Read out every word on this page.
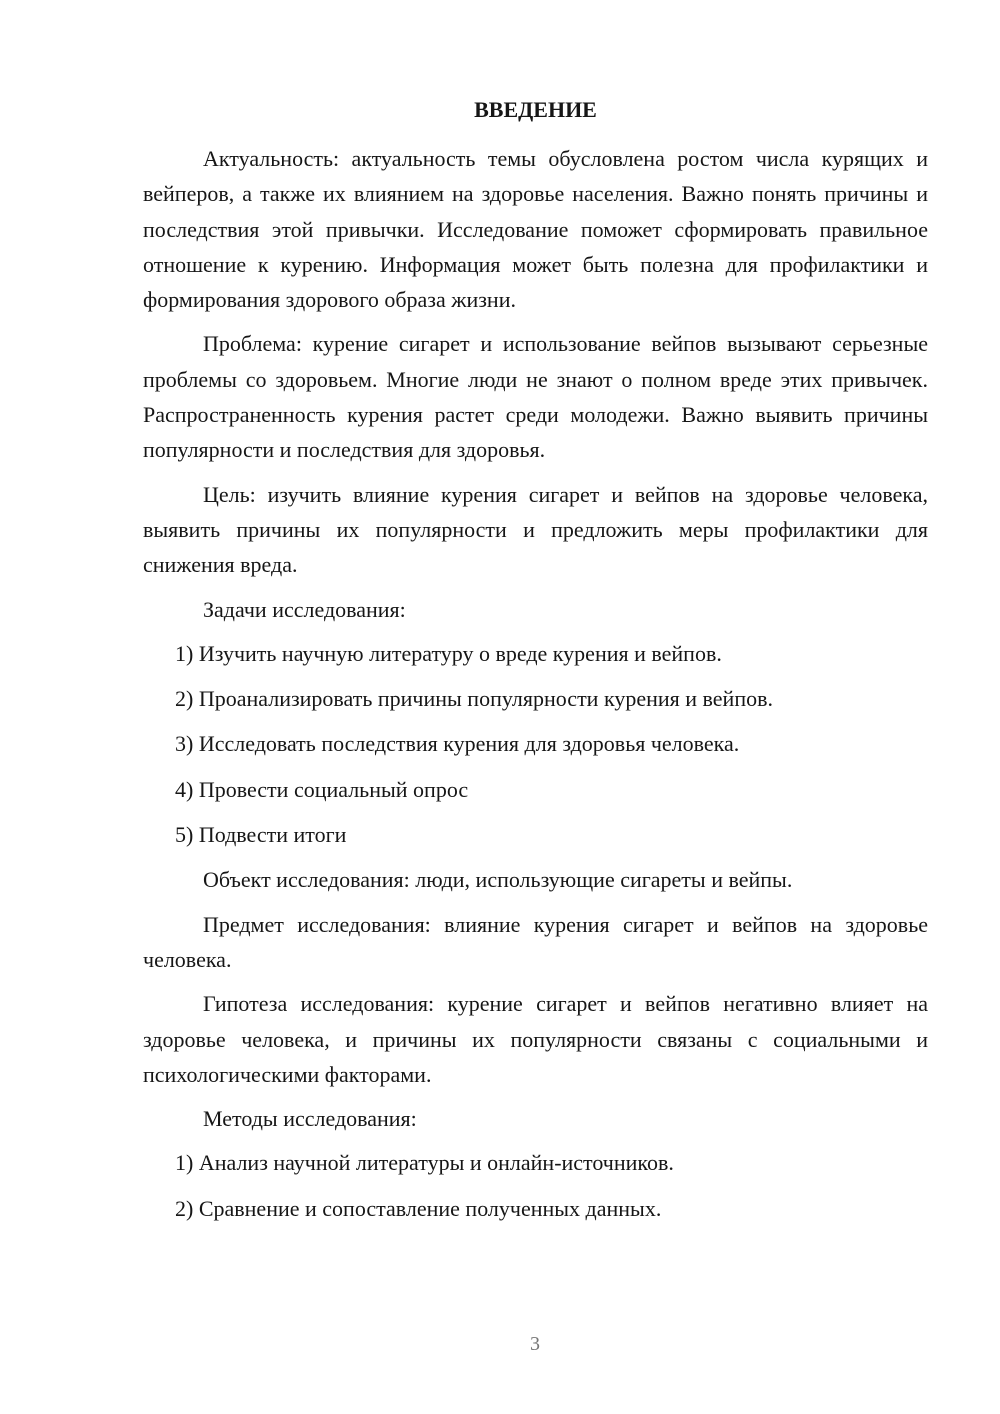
ВВЕДЕНИЕ

Актуальность: актуальность темы обусловлена ростом числа курящих и вейперов, а также их влиянием на здоровье населения. Важно понять причины и последствия этой привычки. Исследование поможет сформировать правильное отношение к курению. Информация может быть полезна для профилактики и формирования здорового образа жизни.

Проблема: курение сигарет и использование вейпов вызывают серьезные проблемы со здоровьем. Многие люди не знают о полном вреде этих привычек. Распространенность курения растет среди молодежи. Важно выявить причины популярности и последствия для здоровья.

Цель: изучить влияние курения сигарет и вейпов на здоровье человека, выявить причины их популярности и предложить меры профилактики для снижения вреда.

Задачи исследования:

1) Изучить научную литературу о вреде курения и вейпов.

2) Проанализировать причины популярности курения и вейпов.

3) Исследовать последствия курения для здоровья человека.

4) Провести социальный опрос

5) Подвести итоги

Объект исследования: люди, использующие сигареты и вейпы.

Предмет исследования: влияние курения сигарет и вейпов на здоровье человека.

Гипотеза исследования: курение сигарет и вейпов негативно влияет на здоровье человека, и причины их популярности связаны с социальными и психологическими факторами.

Методы исследования:

1) Анализ научной литературы и онлайн-источников.

2) Сравнение и сопоставление полученных данных.

3
